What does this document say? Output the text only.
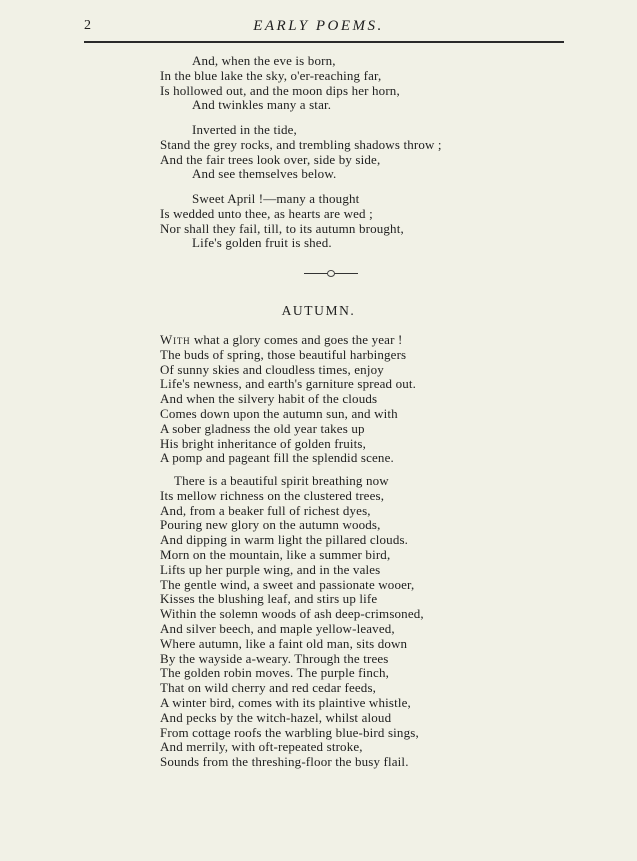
2	EARLY POEMS.
And, when the eve is born,
In the blue lake the sky, o'er-reaching far,
Is hollowed out, and the moon dips her horn,
And twinkles many a star.
Inverted in the tide,
Stand the grey rocks, and trembling shadows throw ;
And the fair trees look over, side by side,
And see themselves below.
Sweet April !—many a thought
Is wedded unto thee, as hearts are wed ;
Nor shall they fail, till, to its autumn brought,
Life's golden fruit is shed.
AUTUMN.
With what a glory comes and goes the year !
The buds of spring, those beautiful harbingers
Of sunny skies and cloudless times, enjoy
Life's newness, and earth's garniture spread out.
And when the silvery habit of the clouds
Comes down upon the autumn sun, and with
A sober gladness the old year takes up
His bright inheritance of golden fruits,
A pomp and pageant fill the splendid scene.
There is a beautiful spirit breathing now
Its mellow richness on the clustered trees,
And, from a beaker full of richest dyes,
Pouring new glory on the autumn woods,
And dipping in warm light the pillared clouds.
Morn on the mountain, like a summer bird,
Lifts up her purple wing, and in the vales
The gentle wind, a sweet and passionate wooer,
Kisses the blushing leaf, and stirs up life
Within the solemn woods of ash deep-crimsoned,
And silver beech, and maple yellow-leaved,
Where autumn, like a faint old man, sits down
By the wayside a-weary. Through the trees
The golden robin moves. The purple finch,
That on wild cherry and red cedar feeds,
A winter bird, comes with its plaintive whistle,
And pecks by the witch-hazel, whilst aloud
From cottage roofs the warbling blue-bird sings,
And merrily, with oft-repeated stroke,
Sounds from the threshing-floor the busy flail.
